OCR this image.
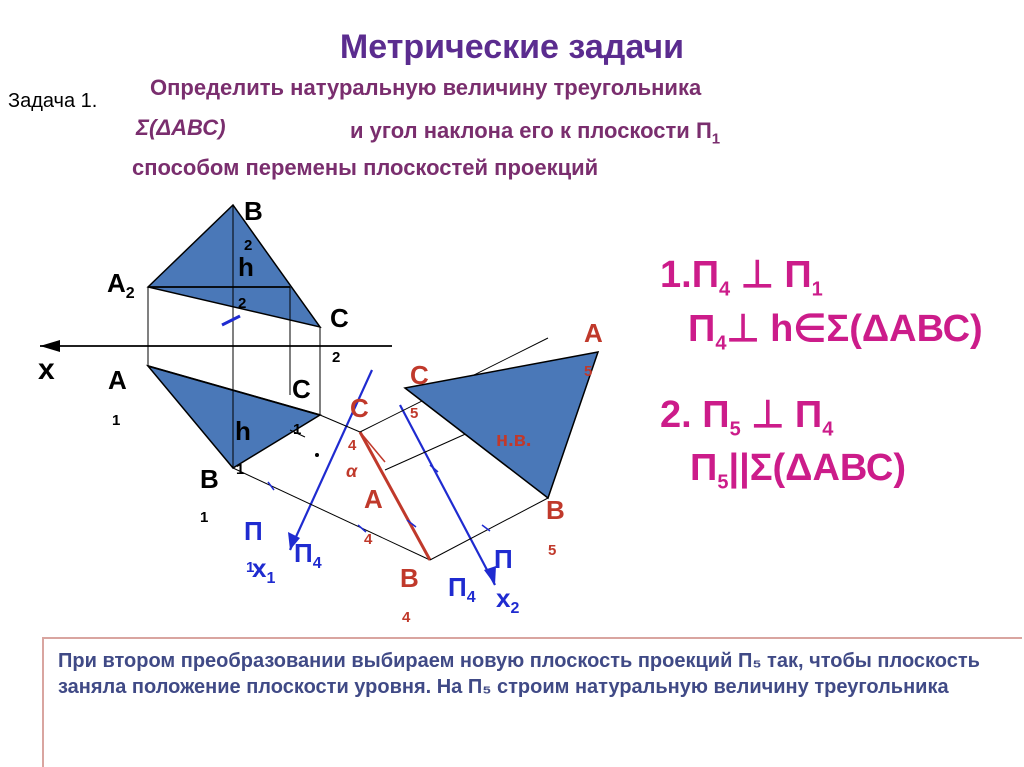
Метрические задачи
Задача 1.
Определить натуральную величину треугольника
Σ(ΔАВС)	и угол наклона его к плоскости $П_1$
способом перемены плоскостей проекций
$1.П_4$ ⊥ $П_1$
$П_4\perp$ h∈Σ(ΔАВС)
2. $П_5$ ⊥ $П_4$
$П_5||\Sigma(\Delta АВС)$
B
2
$A_2$
h
2	C
2
x A
1
C
1
h
1
B
1
C
4
α
C
5
A
4
B
4
A
5
B
5
н.в.
П
1
$x_1$
$П_4$
$П_4$
П
$x_2$
При втором преобразовании выбираем новую плоскость проекций П₅ так, чтобы плоскость заняла положение плоскости уровня. На П₅ строим натуральную величину треугольника
